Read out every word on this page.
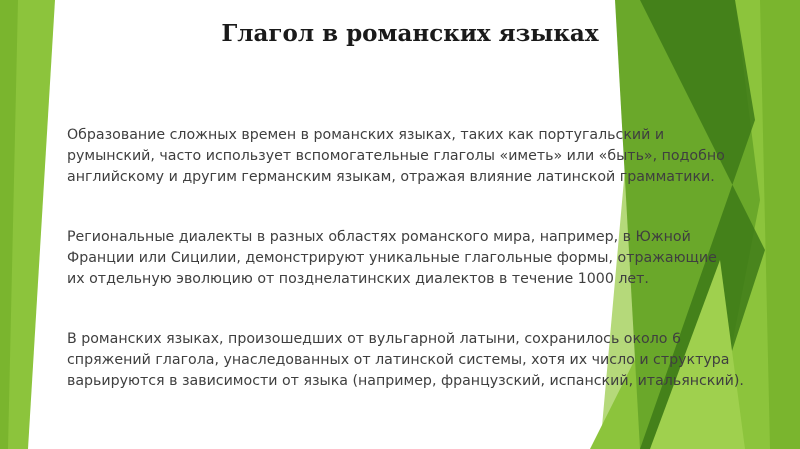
Глагол в романских языках

Образование сложных времен в романских языках, таких как португальский и
румынский, часто использует вспомогательные глаголы «иметь» или «быть», подобно
английскому и другим германским языкам, отражая влияние латинской грамматики.

Региональные диалекты в разных областях романского мира, например, в Южной
Франции или Сицилии, демонстрируют уникальные глагольные формы, отражающие
их отдельную эволюцию от позднелатинских диалектов в течение 1000 лет.

В романских языках, произошедших от вульгарной латыни, сохранилось около 6
спряжений глагола, унаследованных от латинской системы, хотя их число и структура
варьируются в зависимости от языка (например, французский, испанский, итальянский).
